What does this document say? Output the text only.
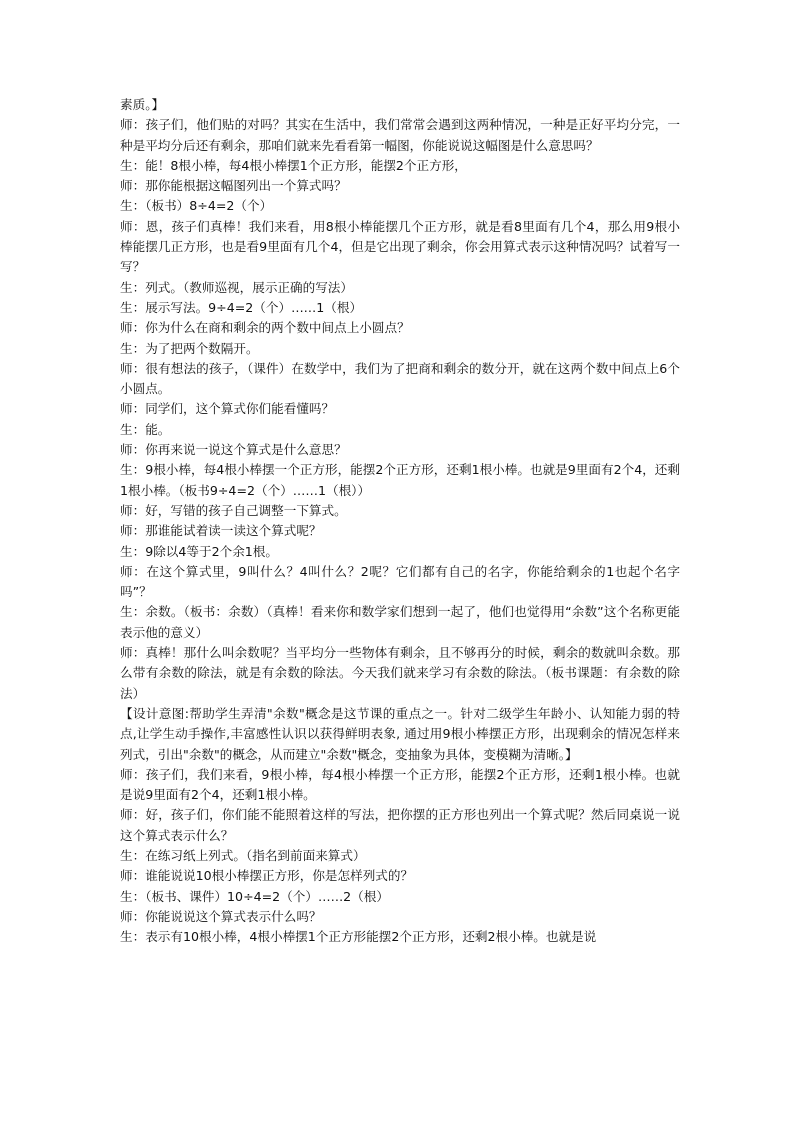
素质。】

师：孩子们，他们贴的对吗？其实在生活中，我们常常会遇到这两种情况，一种是正好平均分完，一种是平均分后还有剩余，那咱们就来先看看第一幅图，你能说说这幅图是什么意思吗？

生：能！8根小棒，每4根小棒摆1个正方形，能摆2个正方形，

师：那你能根据这幅图列出一个算式吗？

生：（板书）8÷4=2（个）

师：恩，孩子们真棒！我们来看，用8根小棒能摆几个正方形，就是看8里面有几个4，那么用9根小棒能摆几正方形，也是看9里面有几个4，但是它出现了剩余，你会用算式表示这种情况吗？试着写一写？

生：列式。（教师巡视，展示正确的写法）

生：展示写法。9÷4=2（个）……1（根）

师：你为什么在商和剩余的两个数中间点上小圆点？

生：为了把两个数隔开。

师：很有想法的孩子，（课件）在数学中，我们为了把商和剩余的数分开，就在这两个数中间点上6个小圆点。

师：同学们，这个算式你们能看懂吗？

生：能。

师：你再来说一说这个算式是什么意思？

生：9根小棒，每4根小棒摆一个正方形，能摆2个正方形，还剩1根小棒。也就是9里面有2个4，还剩1根小棒。（板书9÷4=2（个）……1（根））

师：好，写错的孩子自己调整一下算式。

师：那谁能试着读一读这个算式呢？

生：9除以4等于2个余1根。

师：在这个算式里，9叫什么？4叫什么？2呢？它们都有自己的名字，你能给剩余的1也起个名字吗”？

生：余数。（板书：余数）（真棒！看来你和数学家们想到一起了，他们也觉得用“余数”这个名称更能表示他的意义）

师：真棒！那什么叫余数呢？当平均分一些物体有剩余，且不够再分的时候，剩余的数就叫余数。那么带有余数的除法，就是有余数的除法。今天我们就来学习有余数的除法。（板书课题：有余数的除法）

【设计意图:帮助学生弄清"余数"概念是这节课的重点之一。针对二级学生年龄小、认知能力弱的特点,让学生动手操作,丰富感性认识以获得鲜明表象, 通过用9根小棒摆正方形，出现剩余的情况怎样来列式，引出"余数"的概念，从而建立"余数"概念，变抽象为具体，变模糊为清晰。】

师：孩子们，我们来看，9根小棒，每4根小棒摆一个正方形，能摆2个正方形，还剩1根小棒。也就是说9里面有2个4，还剩1根小棒。

师：好，孩子们，你们能不能照着这样的写法，把你摆的正方形也列出一个算式呢？然后同桌说一说这个算式表示什么？

生：在练习纸上列式。（指名到前面来算式）

师：谁能说说10根小棒摆正方形，你是怎样列式的？

生：（板书、课件）10÷4=2（个）……2（根）

师：你能说说这个算式表示什么吗？

生：表示有10根小棒，4根小棒摆1个正方形能摆2个正方形，还剩2根小棒。也就是说
